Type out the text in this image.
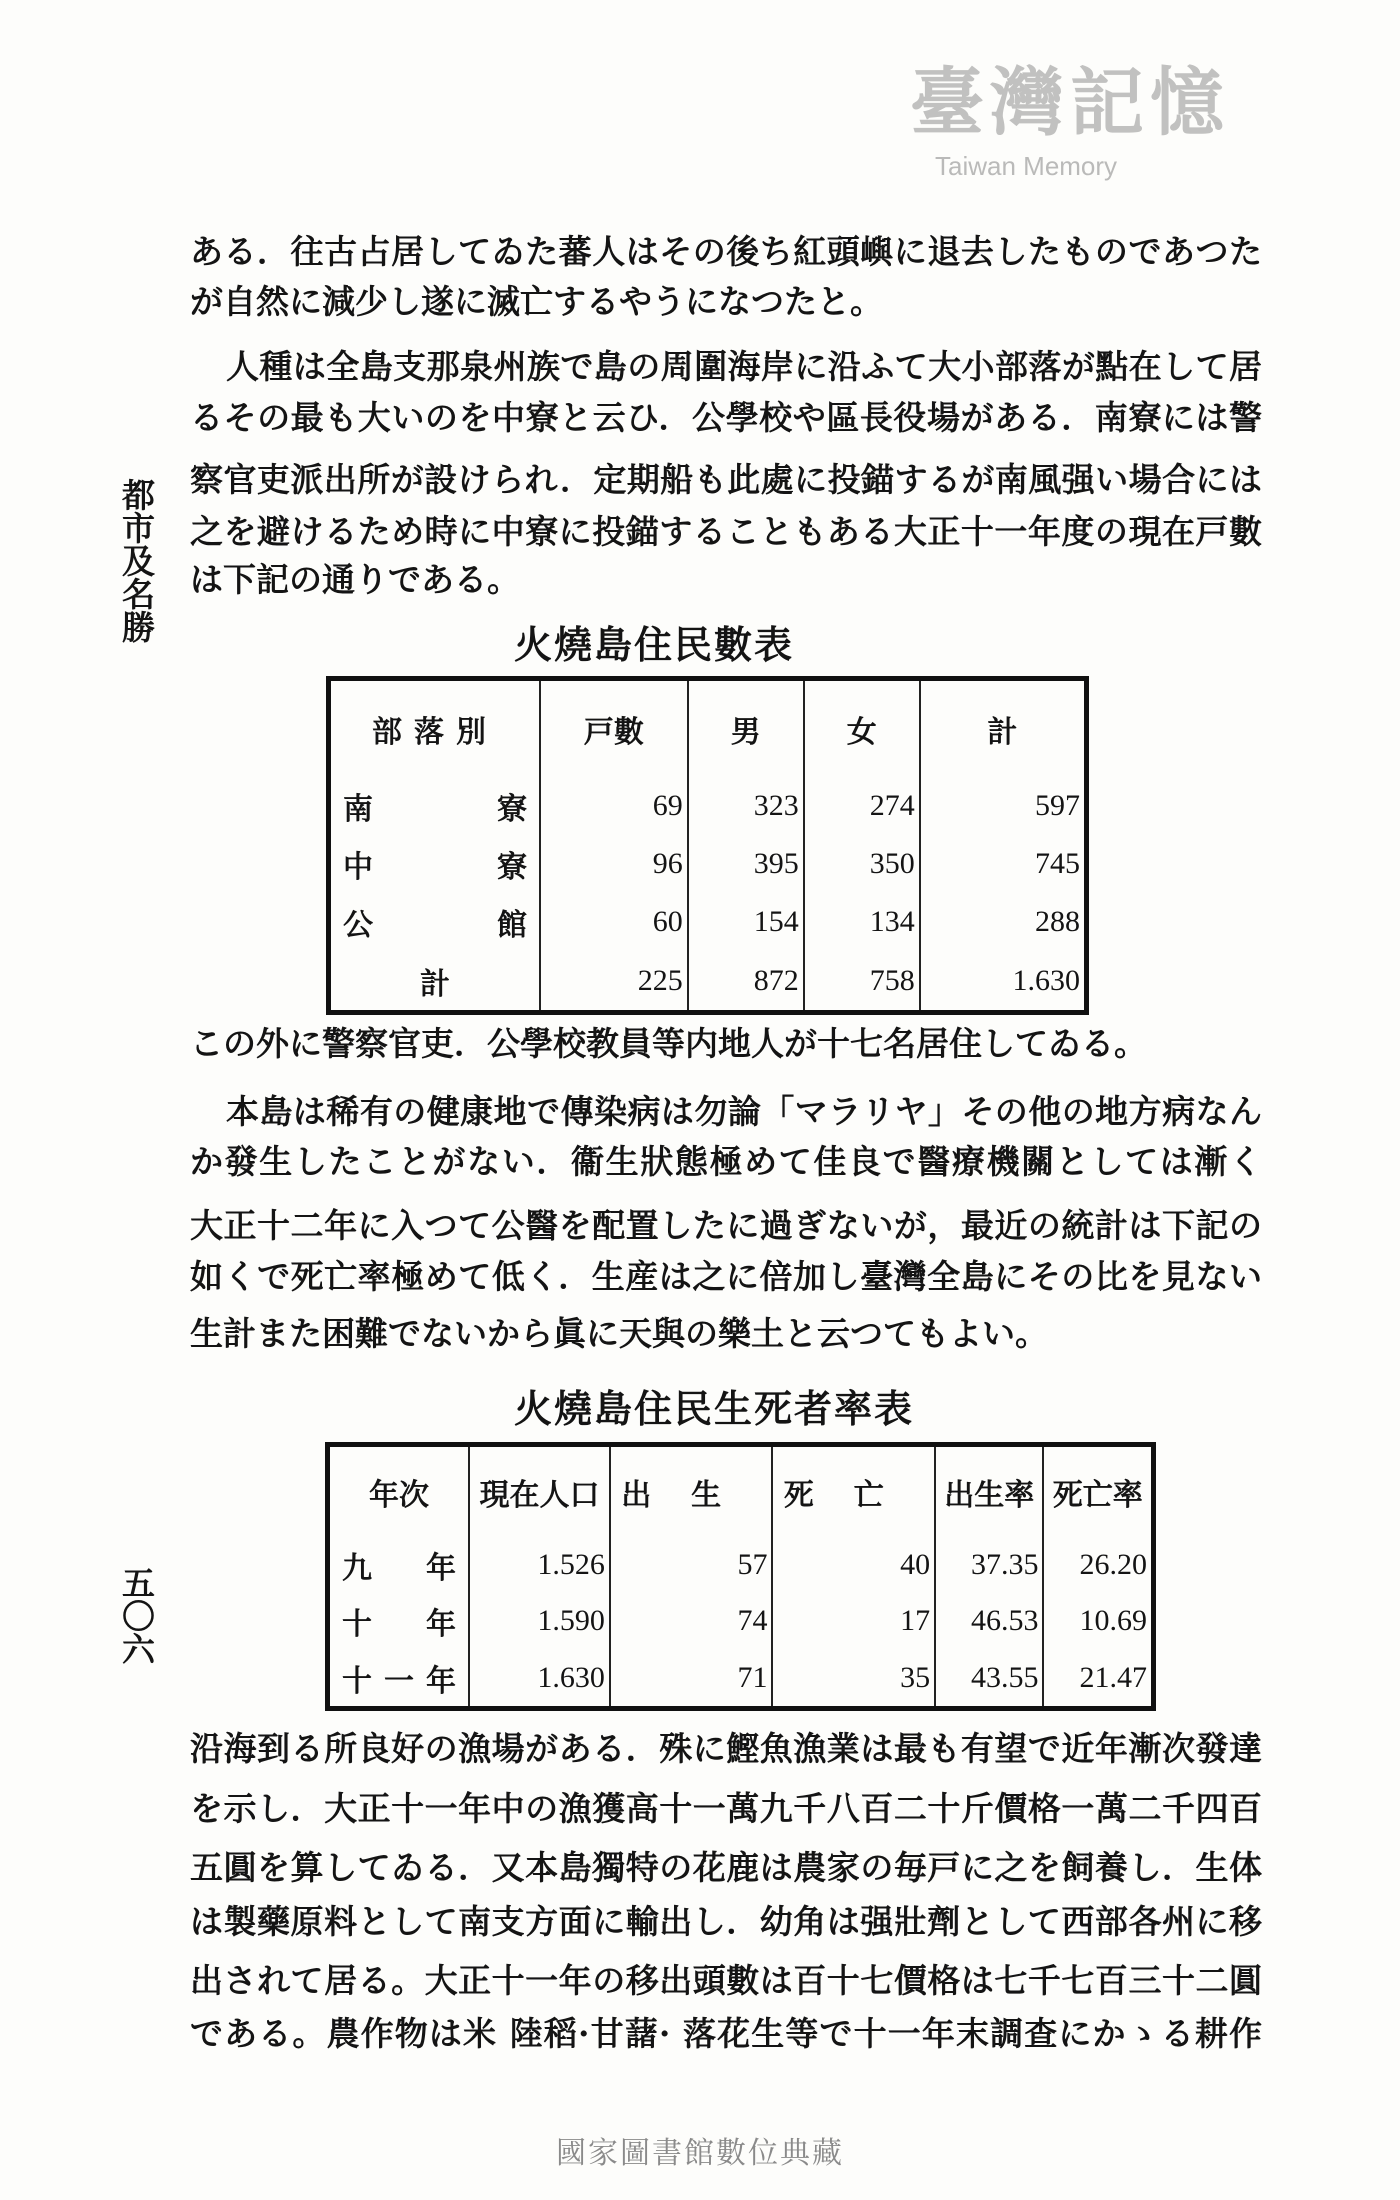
臺灣記憶
Taiwan Memory
都市及名勝
五〇六
ある．往古占居してゐた蕃人はその後ち紅頭嶼に退去したものであつた
が自然に減少し遂に滅亡するやうになつたと。
人種は全島支那泉州族で島の周圍海岸に沿ふて大小部落が點在して居
るその最も大いのを中寮と云ひ．公學校や區長役場がある．南寮には警
察官吏派出所が設けられ．定期船も此處に投錨するが南風强い場合には
之を避けるため時に中寮に投錨することもある大正十一年度の現在戸數
は下記の通りである。
火燒島住民數表
部落別	戸數	男	女	計
南寮	69	323	274	597
中寮	96	395	350	745
公館	60	154	134	288
計	225	872	758	1.630
この外に警察官吏．公學校教員等内地人が十七名居住してゐる。
本島は稀有の健康地で傳染病は勿論「マラリヤ」その他の地方病なん
か發生したことがない．衞生狀態極めて佳良で醫療機關としては漸く
大正十二年に入つて公醫を配置したに過ぎないが，最近の統計は下記の
如くで死亡率極めて低く．生産は之に倍加し臺灣全島にその比を見ない
生計また困難でないから眞に天與の樂土と云つてもよい。
火燒島住民生死者率表
年次	現在人口	出生	死亡	出生率	死亡率
九年	1.526	57	40	37.35	26.20
十年	1.590	74	17	46.53	10.69
十一年	1.630	71	35	43.55	21.47
沿海到る所良好の漁場がある．殊に鰹魚漁業は最も有望で近年漸次發達
を示し．大正十一年中の漁獲高十一萬九千八百二十斤價格一萬二千四百
五圓を算してゐる．又本島獨特の花鹿は農家の毎戸に之を飼養し．生体
は製藥原料として南支方面に輸出し．幼角は强壯劑として西部各州に移
出されて居る。大正十一年の移出頭數は百十七價格は七千七百三十二圓
である。農作物は米 陸稻·甘藷· 落花生等で十一年末調查にかゝる耕作
國家圖書館數位典藏
